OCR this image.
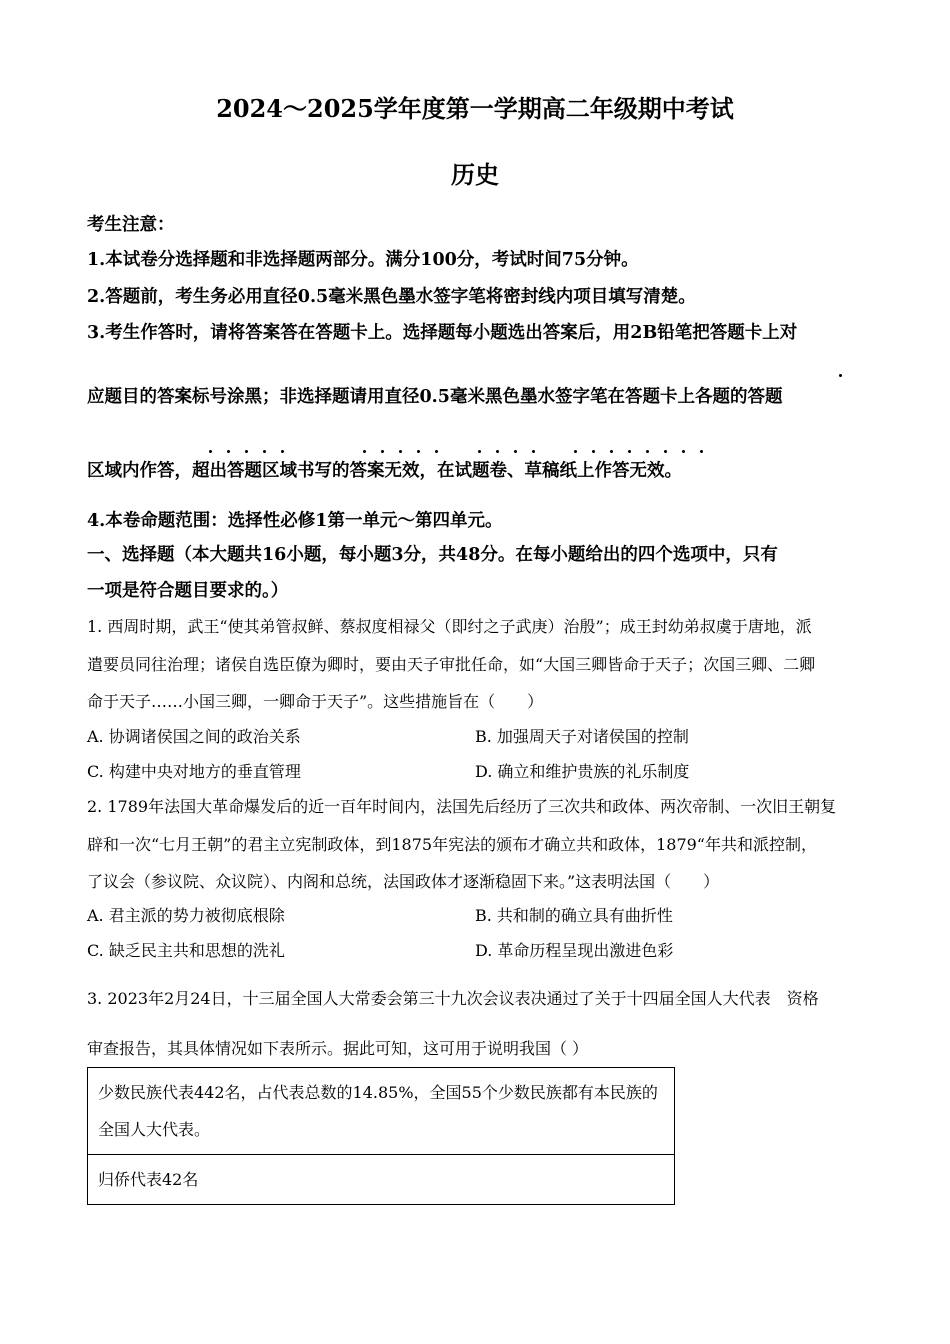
2024～2025学年度第一学期高二年级期中考试
历史
考生注意：
1.本试卷分选择题和非选择题两部分。满分100分，考试时间75分钟。
2.答题前，考生务必用直径0.5毫米黑色墨水签字笔将密封线内项目填写清楚。
3.考生作答时，请将答案答在答题卡上。选择题每小题选出答案后，用2B铅笔把答题卡上对
应题目的答案标号涂黑；非选择题请用直径0.5毫米黑色墨水签字笔在答题卡上各题的答题
区域内作答，超出答题区域书写的答案无效，在试题卷、草稿纸上作答无效。
4.本卷命题范围：选择性必修1第一单元～第四单元。
一、选择题（本大题共16小题，每小题3分，共48分。在每小题给出的四个选项中，只有
一项是符合题目要求的。）
1. 西周时期，武王“使其弟管叔鲜、蔡叔度相禄父（即纣之子武庚）治殷”；成王封幼弟叔虞于唐地，派
遣要员同往治理；诸侯自选臣僚为卿时，要由天子审批任命，如“大国三卿皆命于天子；次国三卿、二卿
命于天子……小国三卿，一卿命于天子”。这些措施旨在（　　）
A. 协调诸侯国之间的政治关系	B. 加强周天子对诸侯国的控制
C. 构建中央对地方的垂直管理	D. 确立和维护贵族的礼乐制度
2. 1789年法国大革命爆发后的近一百年时间内，法国先后经历了三次共和政体、两次帝制、一次旧王朝复
辟和一次“七月王朝”的君主立宪制政体，到1875年宪法的颁布才确立共和政体，1879“年共和派控制，
了议会（参议院、众议院）、内阁和总统，法国政体才逐渐稳固下来。”这表明法国（　　）
A. 君主派的势力被彻底根除	B. 共和制的确立具有曲折性
C. 缺乏民主共和思想的洗礼	D. 革命历程呈现出激进色彩
3. 2023年2月24日，十三届全国人大常委会第三十九次会议表决通过了关于十四届全国人大代表　资格
审查报告，其具体情况如下表所示。据此可知，这可用于说明我国（ ）
少数民族代表442名，占代表总数的14.85%，全国55个少数民族都有本民族的全国人大代表。
归侨代表42名
